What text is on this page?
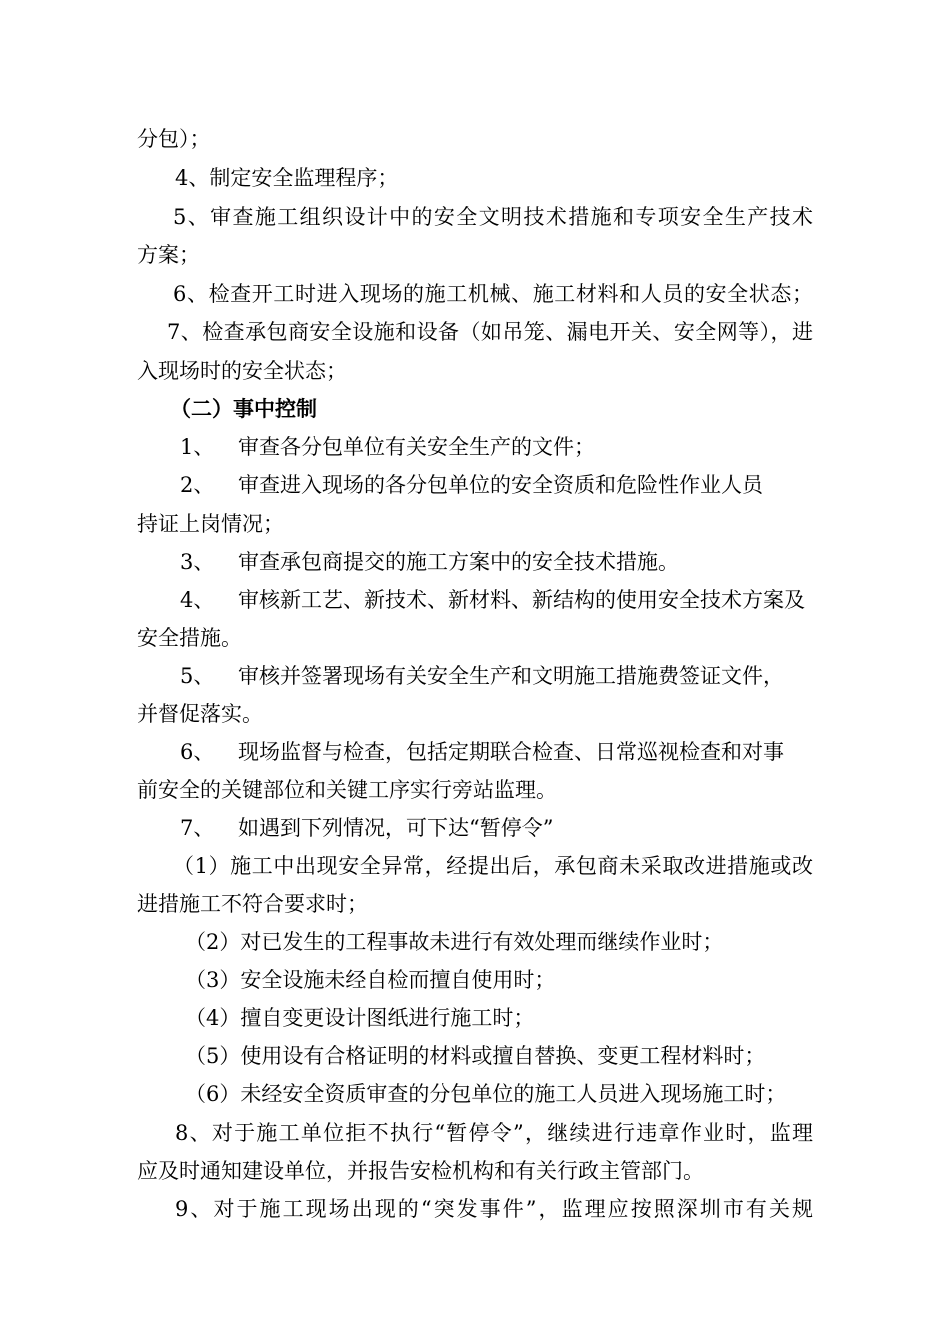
分包）；
4、制定安全监理程序；
5、审查施工组织设计中的安全文明技术措施和专项安全生产技术
方案；
6、检查开工时进入现场的施工机械、施工材料和人员的安全状态；
7、检查承包商安全设施和设备（如吊笼、漏电开关、安全网等），进
入现场时的安全状态；
（二）事中控制
1、 审查各分包单位有关安全生产的文件；
2、 审查进入现场的各分包单位的安全资质和危险性作业人员
持证上岗情况；
3、 审查承包商提交的施工方案中的安全技术措施。
4、 审核新工艺、新技术、新材料、新结构的使用安全技术方案及
安全措施。
5、 审核并签署现场有关安全生产和文明施工措施费签证文件，
并督促落实。
6、 现场监督与检查，包括定期联合检查、日常巡视检查和对事
前安全的关键部位和关键工序实行旁站监理。
7、 如遇到下列情况，可下达“暂停令”
（1）施工中出现安全异常，经提出后，承包商未采取改进措施或改
进措施工不符合要求时；
（2）对已发生的工程事故未进行有效处理而继续作业时；
（3）安全设施未经自检而擅自使用时；
（4）擅自变更设计图纸进行施工时；
（5）使用设有合格证明的材料或擅自替换、变更工程材料时；
（6）未经安全资质审查的分包单位的施工人员进入现场施工时；
8、对于施工单位拒不执行“暂停令”，继续进行违章作业时，监理
应及时通知建设单位，并报告安检机构和有关行政主管部门。
9、对于施工现场出现的“突发事件”，监理应按照深圳市有关规
